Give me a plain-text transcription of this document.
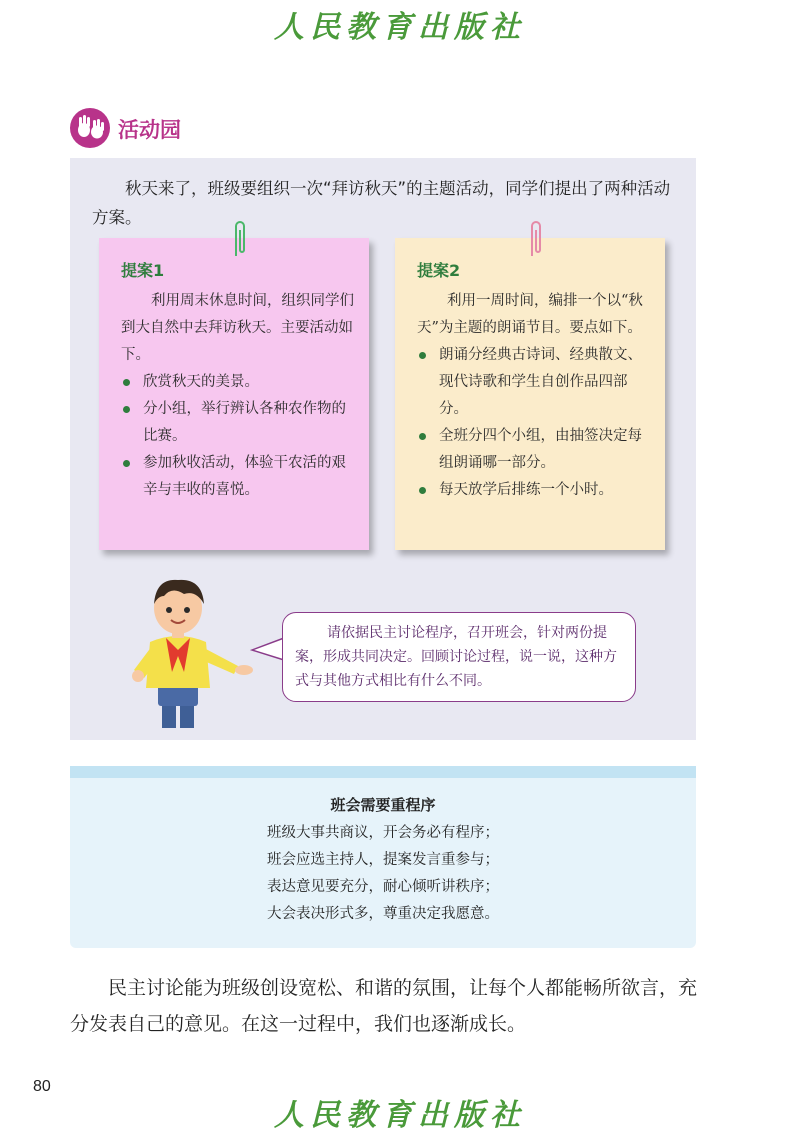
人民教育出版社
活动园
秋天来了，班级要组织一次“拜访秋天”的主题活动，同学们提出了两种活动方案。
提案1
利用周末休息时间，组织同学们到大自然中去拜访秋天。主要活动如下。
欣赏秋天的美景。
分小组，举行辨认各种农作物的比赛。
参加秋收活动，体验干农活的艰辛与丰收的喜悦。
提案2
利用一周时间，编排一个以“秋天”为主题的朗诵节目。要点如下。
朗诵分经典古诗词、经典散文、现代诗歌和学生自创作品四部分。
全班分四个小组，由抽签决定每组朗诵哪一部分。
每天放学后排练一个小时。
请依据民主讨论程序，召开班会，针对两份提案，形成共同决定。回顾讨论过程，说一说，这种方式与其他方式相比有什么不同。
班会需要重程序
班级大事共商议，开会务必有程序；
班会应选主持人，提案发言重参与；
表达意见要充分，耐心倾听讲秩序；
大会表决形式多，尊重决定我愿意。
民主讨论能为班级创设宽松、和谐的氛围，让每个人都能畅所欲言，充分发表自己的意见。在这一过程中，我们也逐渐成长。
80
人民教育出版社
